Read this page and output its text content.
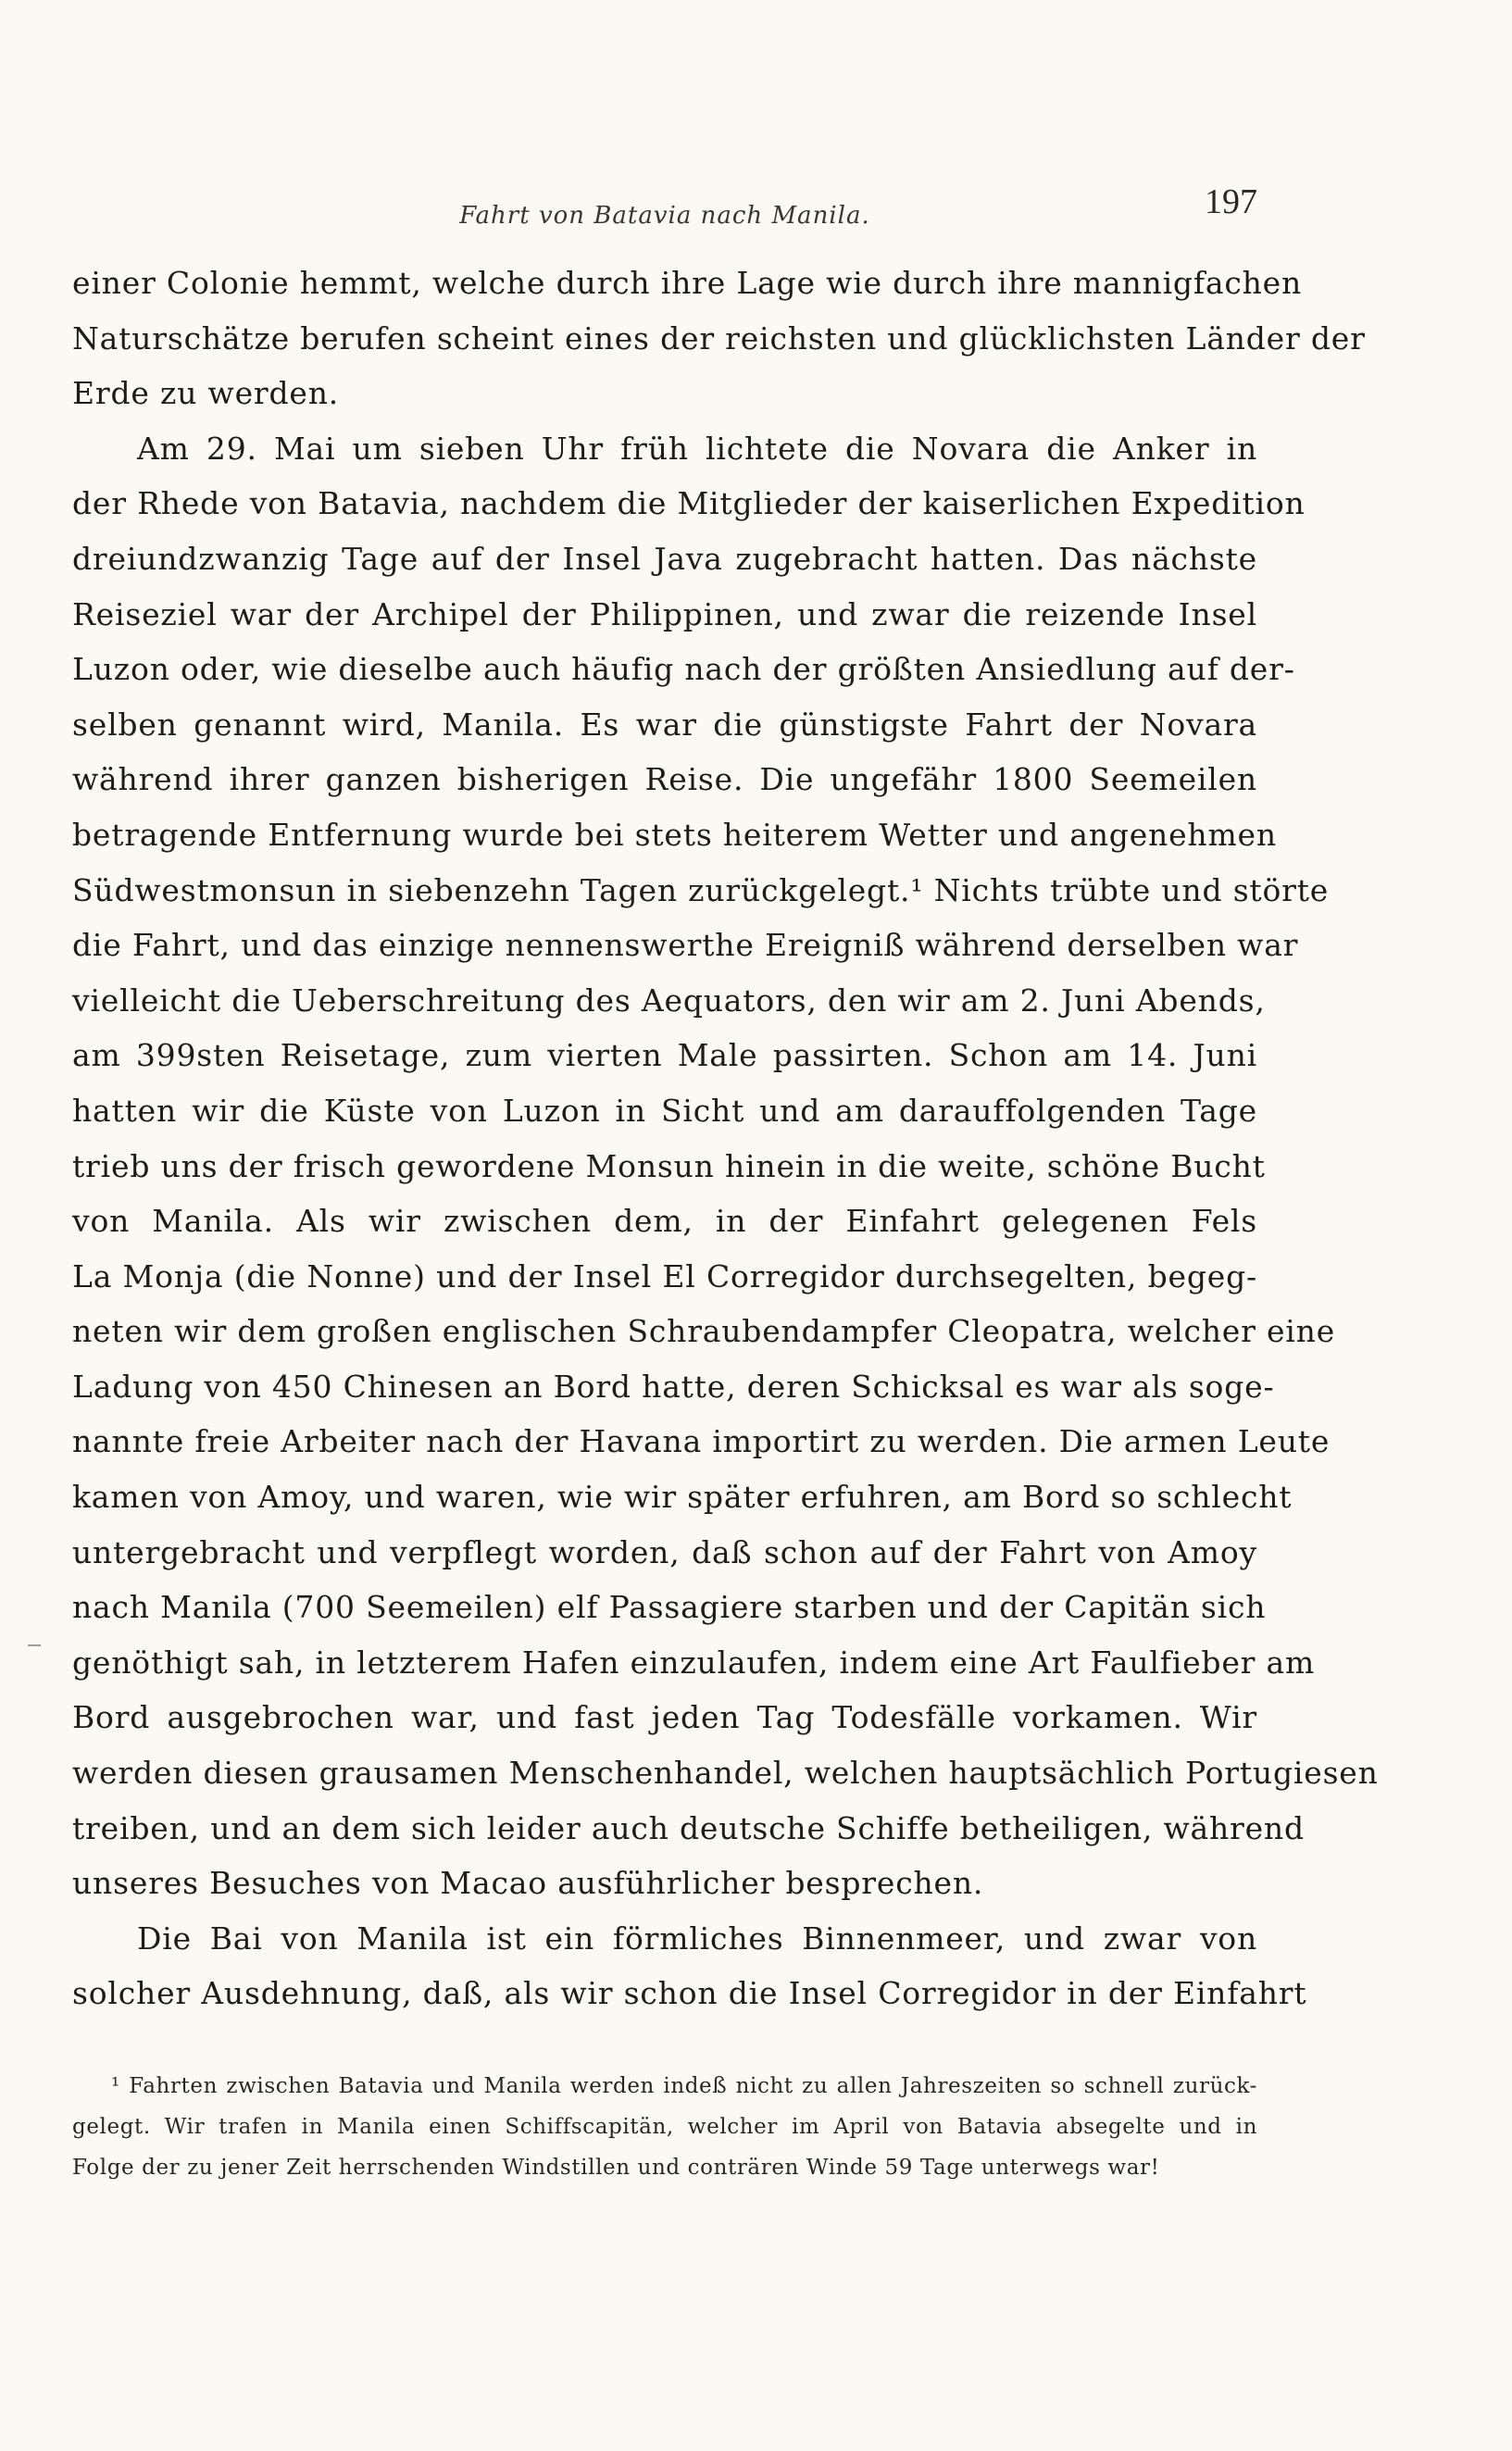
Fahrt von Batavia nach Manila.	197
einer Colonie hemmt, welche durch ihre Lage wie durch ihre mannigfachen
Naturschätze berufen scheint eines der reichsten und glücklichsten Länder der
Erde zu werden.
Am 29. Mai um sieben Uhr früh lichtete die Novara die Anker in
der Rhede von Batavia, nachdem die Mitglieder der kaiserlichen Expedition
dreiundzwanzig Tage auf der Insel Java zugebracht hatten. Das nächste
Reiseziel war der Archipel der Philippinen, und zwar die reizende Insel
Luzon oder, wie dieselbe auch häufig nach der größten Ansiedlung auf der-
selben genannt wird, Manila. Es war die günstigste Fahrt der Novara
während ihrer ganzen bisherigen Reise. Die ungefähr 1800 Seemeilen
betragende Entfernung wurde bei stets heiterem Wetter und angenehmen
Südwestmonsun in siebenzehn Tagen zurückgelegt.¹ Nichts trübte und störte
die Fahrt, und das einzige nennenswerthe Ereigniß während derselben war
vielleicht die Ueberschreitung des Aequators, den wir am 2. Juni Abends,
am 399sten Reisetage, zum vierten Male passirten. Schon am 14. Juni
hatten wir die Küste von Luzon in Sicht und am darauffolgenden Tage
trieb uns der frisch gewordene Monsun hinein in die weite, schöne Bucht
von Manila. Als wir zwischen dem, in der Einfahrt gelegenen Fels
La Monja (die Nonne) und der Insel El Corregidor durchsegelten, begeg-
neten wir dem großen englischen Schraubendampfer Cleopatra, welcher eine
Ladung von 450 Chinesen an Bord hatte, deren Schicksal es war als soge-
nannte freie Arbeiter nach der Havana importirt zu werden. Die armen Leute
kamen von Amoy, und waren, wie wir später erfuhren, am Bord so schlecht
untergebracht und verpflegt worden, daß schon auf der Fahrt von Amoy
nach Manila (700 Seemeilen) elf Passagiere starben und der Capitän sich
genöthigt sah, in letzterem Hafen einzulaufen, indem eine Art Faulfieber am
Bord ausgebrochen war, und fast jeden Tag Todesfälle vorkamen. Wir
werden diesen grausamen Menschenhandel, welchen hauptsächlich Portugiesen
treiben, und an dem sich leider auch deutsche Schiffe betheiligen, während
unseres Besuches von Macao ausführlicher besprechen.
Die Bai von Manila ist ein förmliches Binnenmeer, und zwar von
solcher Ausdehnung, daß, als wir schon die Insel Corregidor in der Einfahrt
_
¹ Fahrten zwischen Batavia und Manila werden indeß nicht zu allen Jahreszeiten so schnell zurück-
gelegt. Wir trafen in Manila einen Schiffscapitän, welcher im April von Batavia absegelte und in
Folge der zu jener Zeit herrschenden Windstillen und conträren Winde 59 Tage unterwegs war!
